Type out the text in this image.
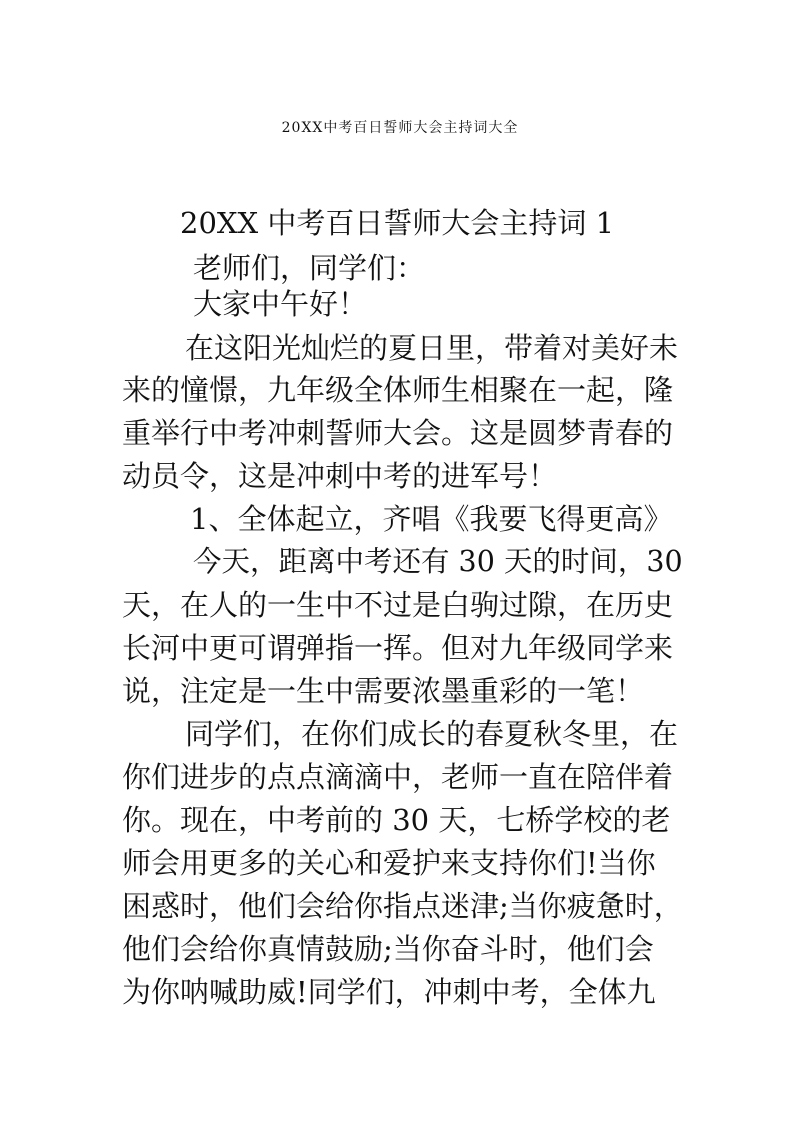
20XX中考百日誓师大会主持词大全
20XX 中考百日誓师大会主持词 1
老师们，同学们：
大家中午好！
在这阳光灿烂的夏日里，带着对美好未
来的憧憬，九年级全体师生相聚在一起，隆
重举行中考冲刺誓师大会。这是圆梦青春的
动员令，这是冲刺中考的进军号！
1、全体起立，齐唱《我要飞得更高》
今天，距离中考还有 30 天的时间，30
天，在人的一生中不过是白驹过隙，在历史
长河中更可谓弹指一挥。但对九年级同学来
说，注定是一生中需要浓墨重彩的一笔！
同学们，在你们成长的春夏秋冬里，在
你们进步的点点滴滴中，老师一直在陪伴着
你。现在，中考前的 30 天，七桥学校的老
师会用更多的关心和爱护来支持你们!当你
困惑时，他们会给你指点迷津;当你疲惫时，
他们会给你真情鼓励;当你奋斗时，他们会
为你呐喊助威!同学们，冲刺中考，全体九
